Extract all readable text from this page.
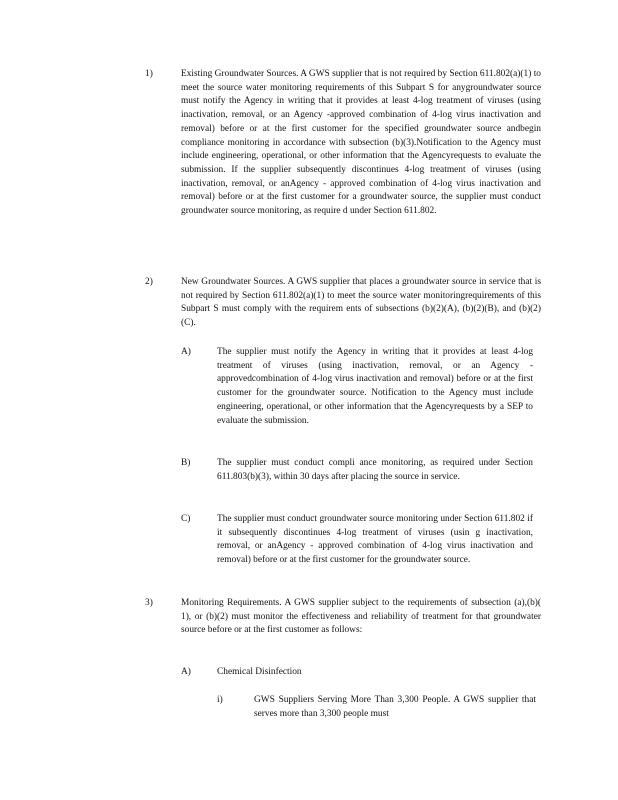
1)	Existing Groundwater Sources. A GWS supplier that is not required by Section 611.802(a)(1) to meet the source water monitoring requirements of this Subpart S for anygroundwater source must notify the Agency in writing that it provides at least 4-log treatment of viruses (using inactivation, removal, or an Agency -approved combination of 4-log virus inactivation and removal) before or at the first customer for the specified groundwater source andbegin compliance monitoring in accordance with subsection (b)(3).Notification to the Agency must include engineering, operational, or other information that the Agencyrequests to evaluate the submission. If the supplier subsequently discontinues 4-log treatment of viruses (using inactivation, removal, or anAgency - approved combination of 4-log virus inactivation and removal) before or at the first customer for a groundwater source, the supplier must conduct groundwater source monitoring, as require d under Section 611.802.

2)	New Groundwater Sources. A GWS supplier that places a groundwater source in service that is not required by Section 611.802(a)(1) to meet the source water monitoringrequirements of this Subpart S must comply with the requirem ents of subsections (b)(2)(A), (b)(2)(B), and (b)(2)(C).

A)	The supplier must notify the Agency in writing that it provides at least 4-log treatment of viruses (using inactivation, removal, or an Agency -approvedcombination of 4-log virus inactivation and removal) before or at the first customer for the groundwater source. Notification to the Agency must include engineering, operational, or other information that the Agencyrequests by a SEP to evaluate the submission.

B)	The supplier must conduct compli ance monitoring, as required under Section 611.803(b)(3), within 30 days after placing the source in service.

C)	The supplier must conduct groundwater source monitoring under Section 611.802 if it subsequently discontinues 4-log treatment of viruses (usin g inactivation, removal, or anAgency - approved combination of 4-log virus inactivation and removal) before or at the first customer for the groundwater source.

3)	Monitoring Requirements. A GWS supplier subject to the requirements of subsection (a),(b)( 1), or (b)(2) must monitor the effectiveness and reliability of treatment for that groundwater source before or at the first customer as follows:

A)	Chemical Disinfection

i)	GWS Suppliers Serving More Than 3,300 People. A GWS supplier that serves more than 3,300 people must
